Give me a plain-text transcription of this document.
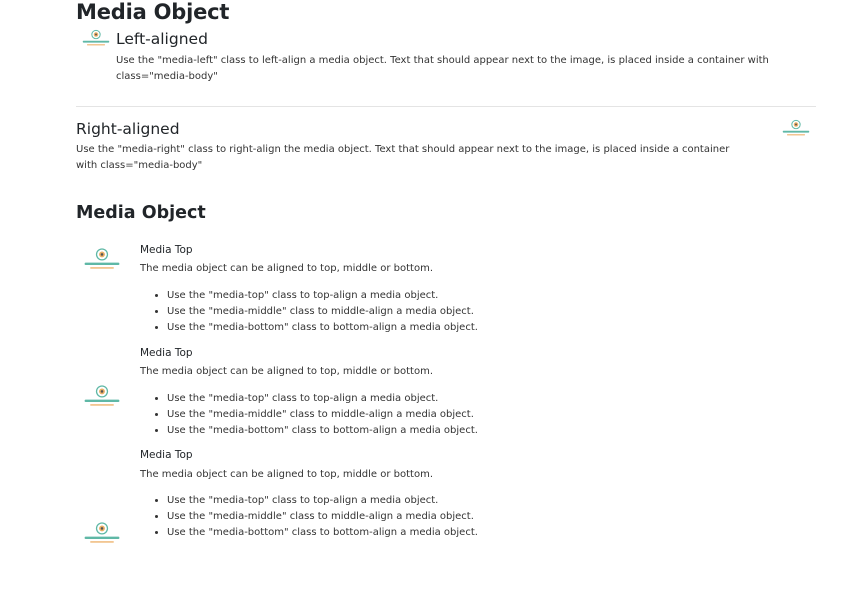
Media Object
Left-aligned
Use the "media-left" class to left-align a media object. Text that should appear next to the image, is placed inside a container with class="media-body"
Right-aligned
Use the "media-right" class to right-align the media object. Text that should appear next to the image, is placed inside a container with class="media-body"
Media Object
Media Top
The media object can be aligned to top, middle or bottom.
• Use the "media-top" class to top-align a media object.
• Use the "media-middle" class to middle-align a media object.
• Use the "media-bottom" class to bottom-align a media object.
Media Top
The media object can be aligned to top, middle or bottom.
• Use the "media-top" class to top-align a media object.
• Use the "media-middle" class to middle-align a media object.
• Use the "media-bottom" class to bottom-align a media object.
Media Top
The media object can be aligned to top, middle or bottom.
• Use the "media-top" class to top-align a media object.
• Use the "media-middle" class to middle-align a media object.
• Use the "media-bottom" class to bottom-align a media object.
